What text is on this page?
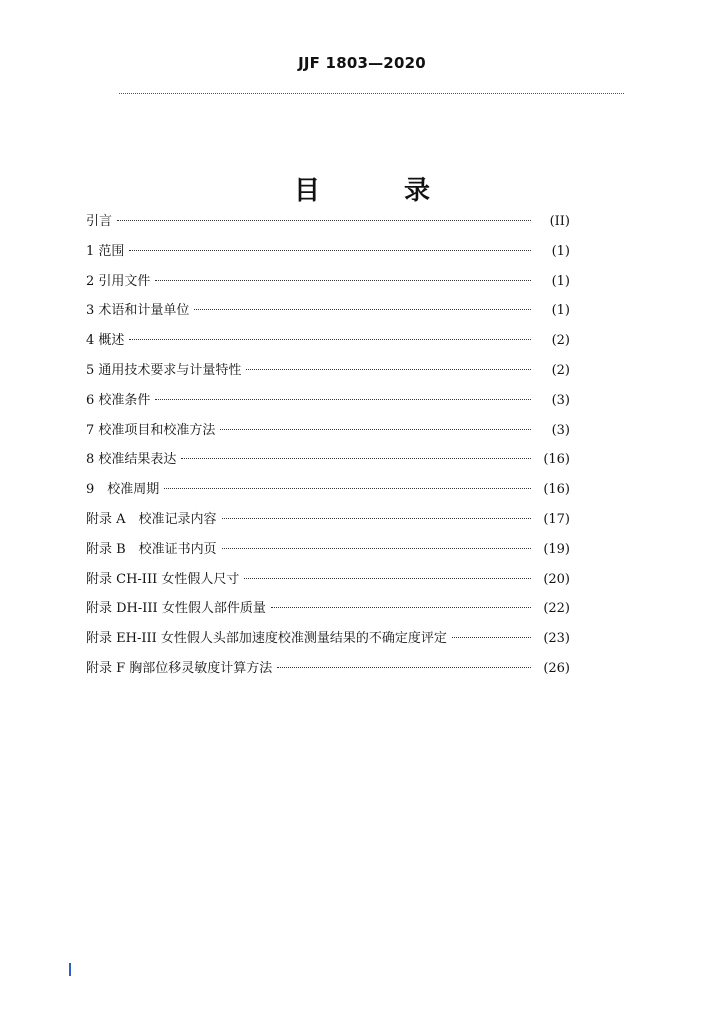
JJF 1803—2020
目录
引言	(II)
1 范围	(1)
2 引用文件	(1)
3 术语和计量单位	(1)
4 概述	(2)
5 通用技术要求与计量特性	(2)
6 校准条件	(3)
7 校准项目和校准方法	(3)
8 校准结果表达	(16)
9　校准周期	(16)
附录 A　校准记录内容	(17)
附录 B　校准证书内页	(19)
附录 CH-III 女性假人尺寸	(20)
附录 DH-III 女性假人部件质量	(22)
附录 EH-III 女性假人头部加速度校准测量结果的不确定度评定	(23)
附录 F 胸部位移灵敏度计算方法	(26)
